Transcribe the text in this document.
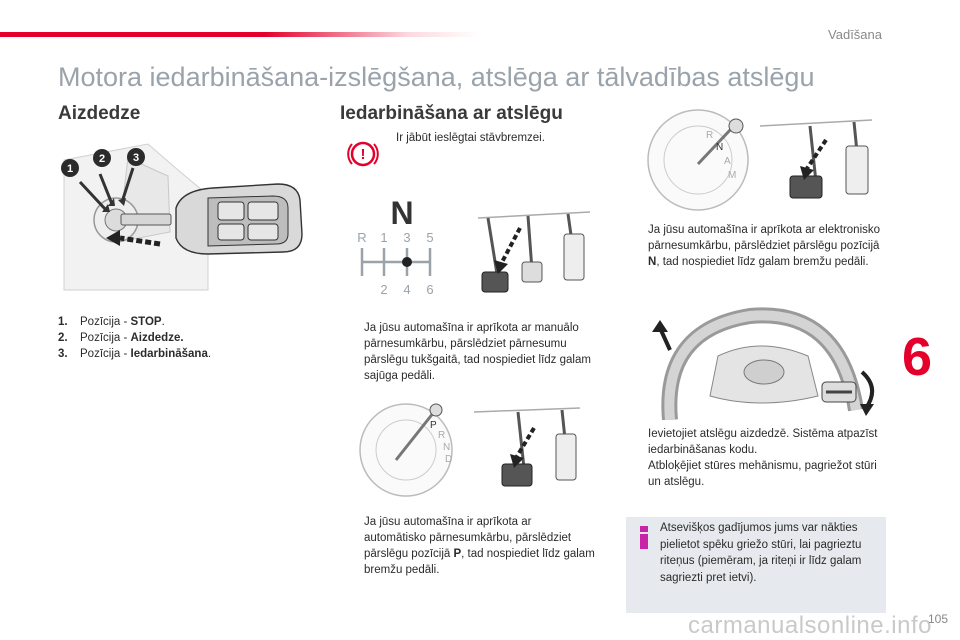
Vadīšana
Motora iedarbināšana-izslēgšana, atslēga ar tālvadības atslēgu
Aizdedze
1
2	3
1. Pozīcija - STOP.
2. Pozīcija - Aizdedze.
3. Pozīcija - Iedarbināšana.
Iedarbināšana ar atslēgu
!
Ir jābūt ieslēgtai stāvbremzei.
N
R 1 3 5
2 4 6
Ja jūsu automašīna ir aprīkota ar manuālo pārnesumkārbu, pārslēdziet pārnesumu pārslēgu tukšgaitā, tad nospiediet līdz galam sajūga pedāli.
P
R
N
D
Ja jūsu automašīna ir aprīkota ar automātisko pārnesumkārbu, pārslēdziet pārslēgu pozīcijā P, tad nospiediet līdz galam bremžu pedāli.
R
N
A
M
Ja jūsu automašīna ir aprīkota ar elektronisko pārnesumkārbu, pārslēdziet pārslēgu pozīcijā N, tad nospiediet līdz galam bremžu pedāli.
Ievietojiet atslēgu aizdedzē. Sistēma atpazīst iedarbināšanas kodu.
Atbloķējiet stūres mehānismu, pagriežot stūri un atslēgu.
Atsevišķos gadījumos jums var nākties pielietot spēku griežo stūri, lai pagrieztu riteņus (piemēram, ja riteņi ir līdz galam sagriezti pret ietvi).
6
carmanualsonline.info
105
